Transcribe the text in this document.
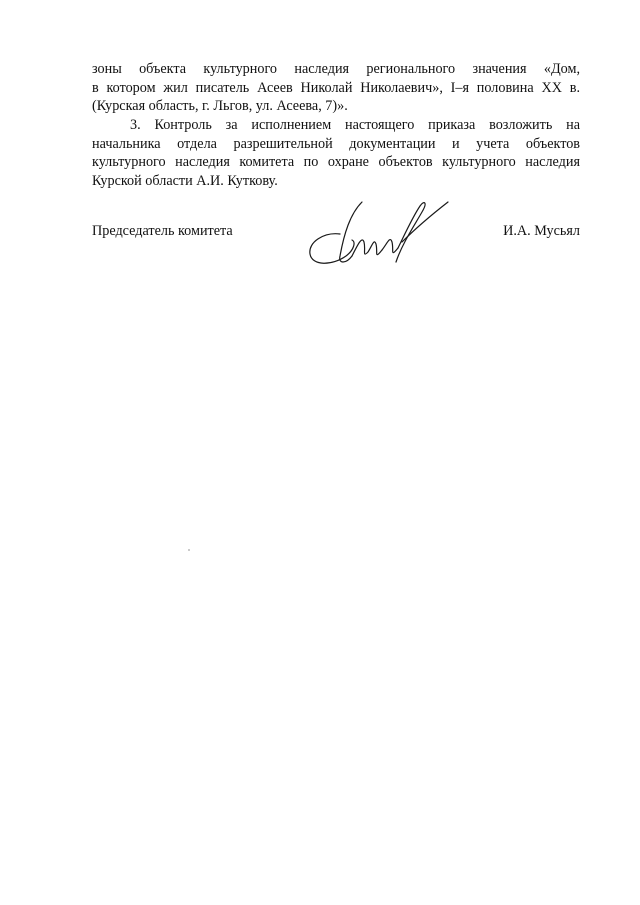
зоны объекта культурного наследия регионального значения «Дом,
в котором жил писатель Асеев Николай Николаевич», I–я половина XX в.
(Курская область, г. Льгов, ул. Асеева, 7)».
3. Контроль за исполнением настоящего приказа возложить на
начальника отдела разрешительной документации и учета объектов
культурного наследия комитета по охране объектов культурного наследия
Курской области А.И. Куткову.
Председатель комитета	И.А. Мусьял
